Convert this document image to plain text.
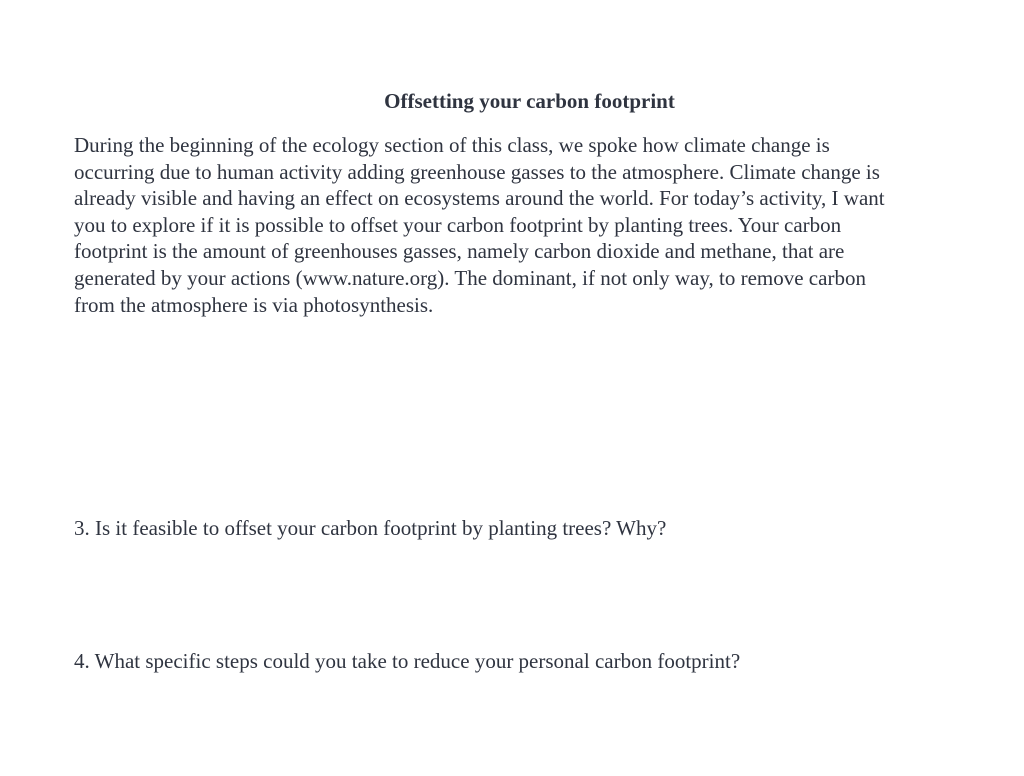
Offsetting your carbon footprint

During the beginning of the ecology section of this class, we spoke how climate change is
occurring due to human activity adding greenhouse gasses to the atmosphere. Climate change is
already visible and having an effect on ecosystems around the world. For today’s activity, I want
you to explore if it is possible to offset your carbon footprint by planting trees. Your carbon
footprint is the amount of greenhouses gasses, namely carbon dioxide and methane, that are
generated by your actions (www.nature.org). The dominant, if not only way, to remove carbon
from the atmosphere is via photosynthesis.

3. Is it feasible to offset your carbon footprint by planting trees? Why?

4. What specific steps could you take to reduce your personal carbon footprint?
